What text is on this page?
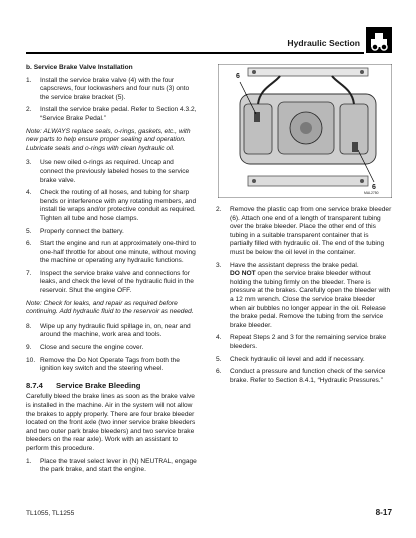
Hydraulic Section
b. Service Brake Valve Installation
1. Install the service brake valve (4) with the four capscrews, four lockwashers and four nuts (3) onto the service brake bracket (5).
2. Install the service brake pedal. Refer to Section 4.3.2, “Service Brake Pedal.”
Note: ALWAYS replace seals, o-rings, gaskets, etc., with new parts to help ensure proper sealing and operation. Lubricate seals and o-rings with clean hydraulic oil.
3. Use new oiled o-rings as required. Uncap and connect the previously labeled hoses to the service brake valve.
4. Check the routing of all hoses, and tubing for sharp bends or interference with any rotating members, and install tie wraps and/or protective conduit as required. Tighten all tube and hose clamps.
5. Properly connect the battery.
6. Start the engine and run at approximately one-third to one-half throttle for about one minute, without moving the machine or operating any hydraulic functions.
7. Inspect the service brake valve and connections for leaks, and check the level of the hydraulic fluid in the reservoir. Shut the engine OFF.
Note: Check for leaks, and repair as required before continuing. Add hydraulic fluid to the reservoir as needed.
8. Wipe up any hydraulic fluid spillage in, on, near and around the machine, work area and tools.
9. Close and secure the engine cover.
10. Remove the Do Not Operate Tags from both the ignition key switch and the steering wheel.
8.7.4 Service Brake Bleeding

Carefully bleed the brake lines as soon as the brake valve is installed in the machine. Air in the system will not allow the brakes to apply properly. There are four brake bleeder located on the front axle (two inner service brake bleeders and two outer park brake bleeders) and two service brake bleeders on the rear axle). Work with an assistant to perform this procedure.

1. Place the travel select lever in (N) NEUTRAL, engage the park brake, and start the engine.
6
6
MAL2750
2. Remove the plastic cap from one service brake bleeder (6). Attach one end of a length of transparent tubing over the brake bleeder. Place the other end of this tubing in a suitable transparent container that is partially filled with hydraulic oil. The end of the tubing must be below the oil level in the container.
3. Have the assistant depress the brake pedal.
DO NOT open the service brake bleeder without holding the tubing firmly on the bleeder. There is pressure at the brakes. Carefully open the bleeder with a 12 mm wrench. Close the service brake bleeder when air bubbles no longer appear in the oil. Release the brake pedal. Remove the tubing from the service brake bleeder.
4. Repeat Steps 2 and 3 for the remaining service brake bleeders.
5. Check hydraulic oil level and add if necessary.
6. Conduct a pressure and function check of the service brake. Refer to Section 8.4.1, “Hydraulic Pressures.”
TL1055, TL1255	8-17
